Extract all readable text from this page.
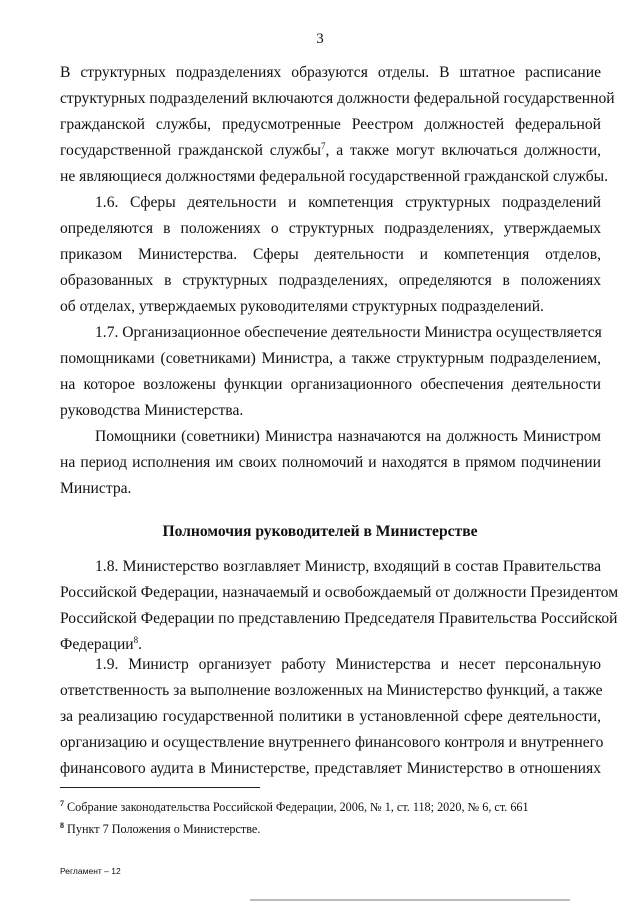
3
В структурных подразделениях образуются отделы. В штатное расписание
структурных подразделений включаются должности федеральной государственной
гражданской службы, предусмотренные Реестром должностей федеральной
государственной гражданской службы$^7$, а также могут включаться должности,
не являющиеся должностями федеральной государственной гражданской службы.
1.6. Сферы деятельности и компетенция структурных подразделений
определяются в положениях о структурных подразделениях, утверждаемых
приказом Министерства. Сферы деятельности и компетенция отделов,
образованных в структурных подразделениях, определяются в положениях
об отделах, утверждаемых руководителями структурных подразделений.
1.7. Организационное обеспечение деятельности Министра осуществляется
помощниками (советниками) Министра, а также структурным подразделением,
на которое возложены функции организационного обеспечения деятельности
руководства Министерства.
Помощники (советники) Министра назначаются на должность Министром
на период исполнения им своих полномочий и находятся в прямом подчинении
Министра.
Полномочия руководителей в Министерстве
1.8. Министерство возглавляет Министр, входящий в состав Правительства
Российской Федерации, назначаемый и освобождаемый от должности Президентом
Российской Федерации по представлению Председателя Правительства Российской
Федерации$^8$.
1.9. Министр организует работу Министерства и несет персональную
ответственность за выполнение возложенных на Министерство функций, а также
за реализацию государственной политики в установленной сфере деятельности,
организацию и осуществление внутреннего финансового контроля и внутреннего
финансового аудита в Министерстве, представляет Министерство в отношениях
$^7$ Собрание законодательства Российской Федерации, 2006, № 1, ст. 118; 2020, № 6, ст. 661
$^8$ Пункт 7 Положения о Министерстве.
Регламент – 12
